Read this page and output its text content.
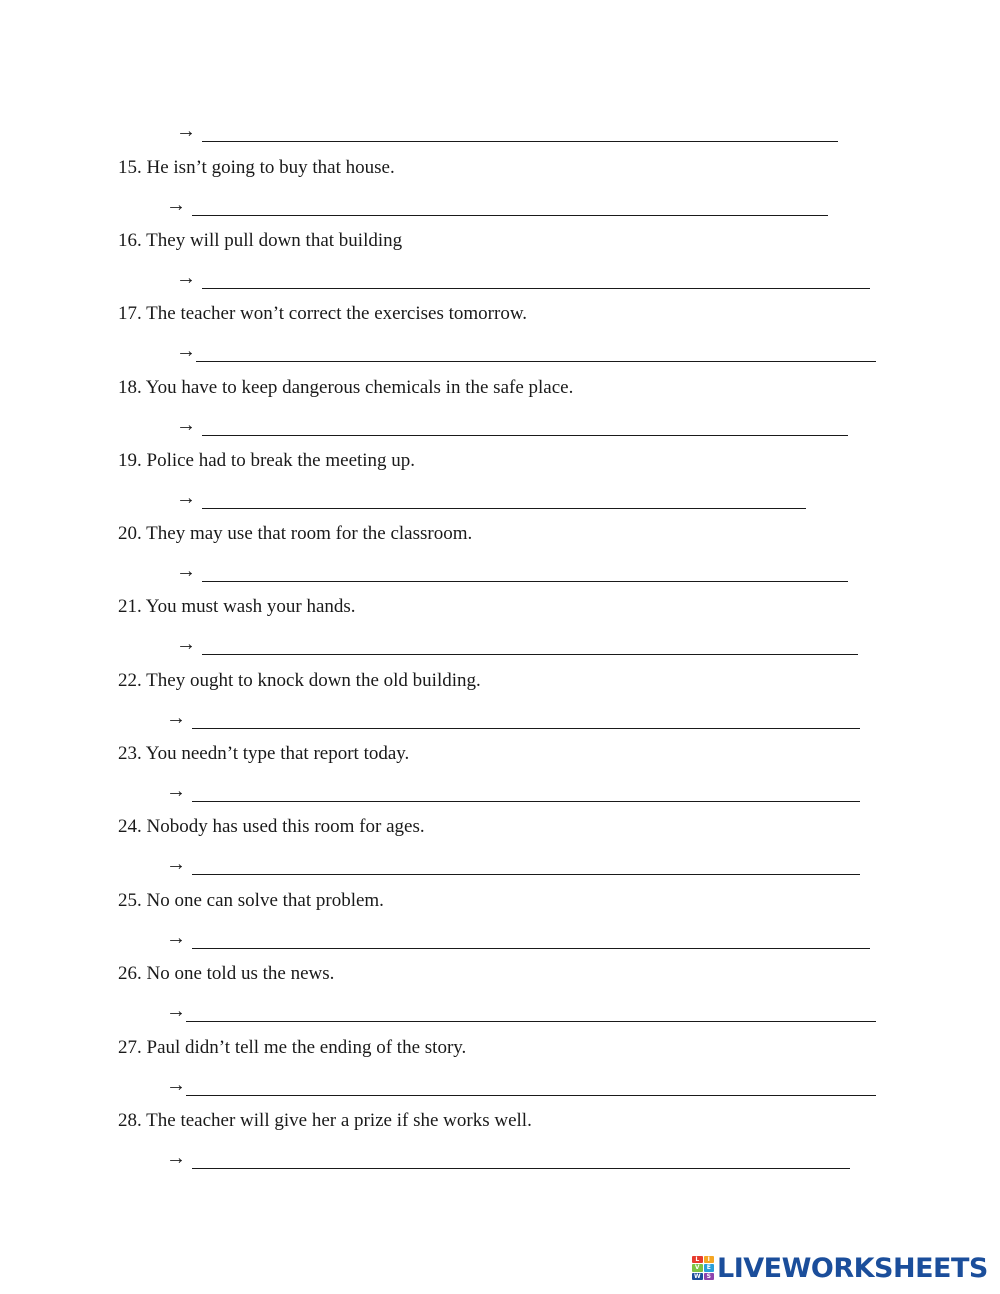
→
15. He isn’t going to buy that house.
→
16. They will pull down that building
→
17. The teacher won’t correct the exercises tomorrow.
→
18. You have to keep dangerous chemicals in the safe place.
→
19. Police had to break the meeting up.
→
20. They may use that room for the classroom.
→
21. You must wash your hands.
→
22. They ought to knock down the old building.
→
23. You needn’t type that report today.
→
24. Nobody has used this room for ages.
→
25. No one can solve that problem.
→
26. No one told us the news.
→
27. Paul didn’t tell me the ending of the story.
→
28. The teacher will give her a prize if she works well.
→
L	I
V	E
W	S LIVEWORKSHEETS
